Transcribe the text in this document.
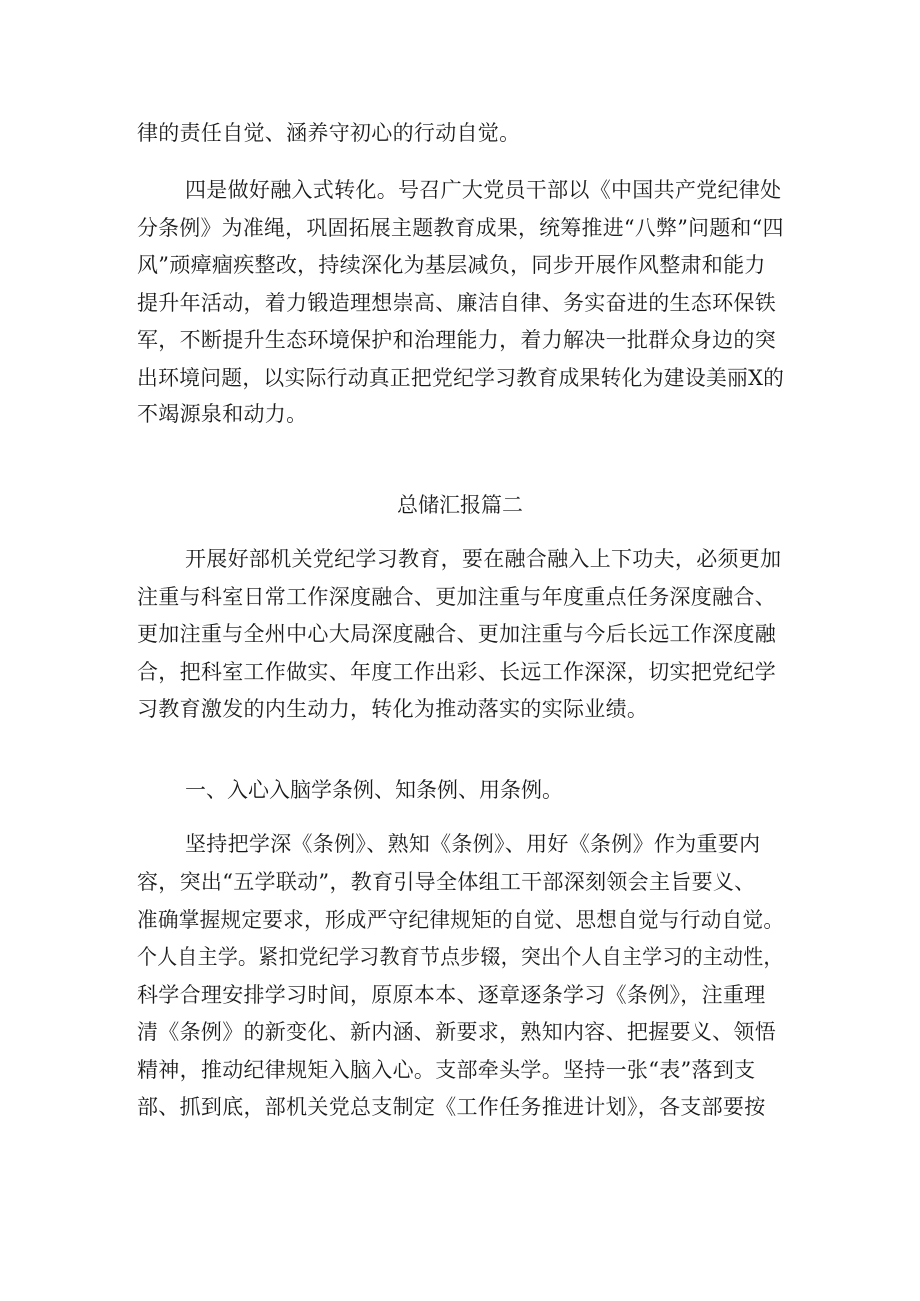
律的责任自觉、涵养守初心的行动自觉。
四是做好融入式转化。号召广大党员干部以《中国共产党纪律处
分条例》为准绳，巩固拓展主题教育成果，统筹推进“八弊”问题和“四
风”顽瘴痼疾整改，持续深化为基层减负，同步开展作风整肃和能力
提升年活动，着力锻造理想崇高、廉洁自律、务实奋进的生态环保铁
军，不断提升生态环境保护和治理能力，着力解决一批群众身边的突
出环境问题，以实际行动真正把党纪学习教育成果转化为建设美丽X的
不竭源泉和动力。
总储汇报篇二
开展好部机关党纪学习教育，要在融合融入上下功夫，必须更加
注重与科室日常工作深度融合、更加注重与年度重点任务深度融合、
更加注重与全州中心大局深度融合、更加注重与今后长远工作深度融
合，把科室工作做实、年度工作出彩、长远工作深深，切实把党纪学
习教育激发的内生动力，转化为推动落实的实际业绩。
一、入心入脑学条例、知条例、用条例。
坚持把学深《条例》、熟知《条例》、用好《条例》作为重要内
容，突出“五学联动”，教育引导全体组工干部深刻领会主旨要义、
准确掌握规定要求，形成严守纪律规矩的自觉、思想自觉与行动自觉。
个人自主学。紧扣党纪学习教育节点步辍，突出个人自主学习的主动性，
科学合理安排学习时间，原原本本、逐章逐条学习《条例》，注重理
清《条例》的新变化、新内涵、新要求，熟知内容、把握要义、领悟
精神，推动纪律规矩入脑入心。支部牵头学。坚持一张“表”落到支
部、抓到底，部机关党总支制定《工作任务推进计划》，各支部要按
